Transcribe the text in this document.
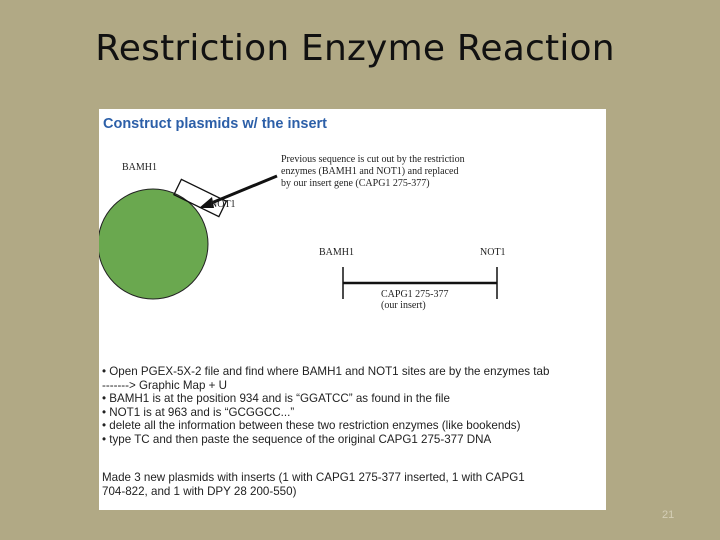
Restriction Enzyme Reaction
Construct plasmids w/ the insert
BAMH1
NOT1
Previous sequence is cut out by the restriction
enzymes (BAMH1 and NOT1) and replaced
by our insert gene (CAPG1 275-377)
BAMH1	NOT1
CAPG1 275-377
(our insert)
• Open PGEX-5X-2 file and find where BAMH1 and NOT1 sites are by the enzymes tab
-------> Graphic Map + U
• BAMH1 is at the position 934 and is “GGATCC” as found in the file
• NOT1 is at 963 and is “GCGGCC...”
• delete all the information between these two restriction enzymes (like bookends)
• type TC and then paste the sequence of the original CAPG1 275-377 DNA
Made 3 new plasmids with inserts (1 with CAPG1 275-377 inserted, 1 with CAPG1
704-822, and 1 with DPY 28 200-550)
21
